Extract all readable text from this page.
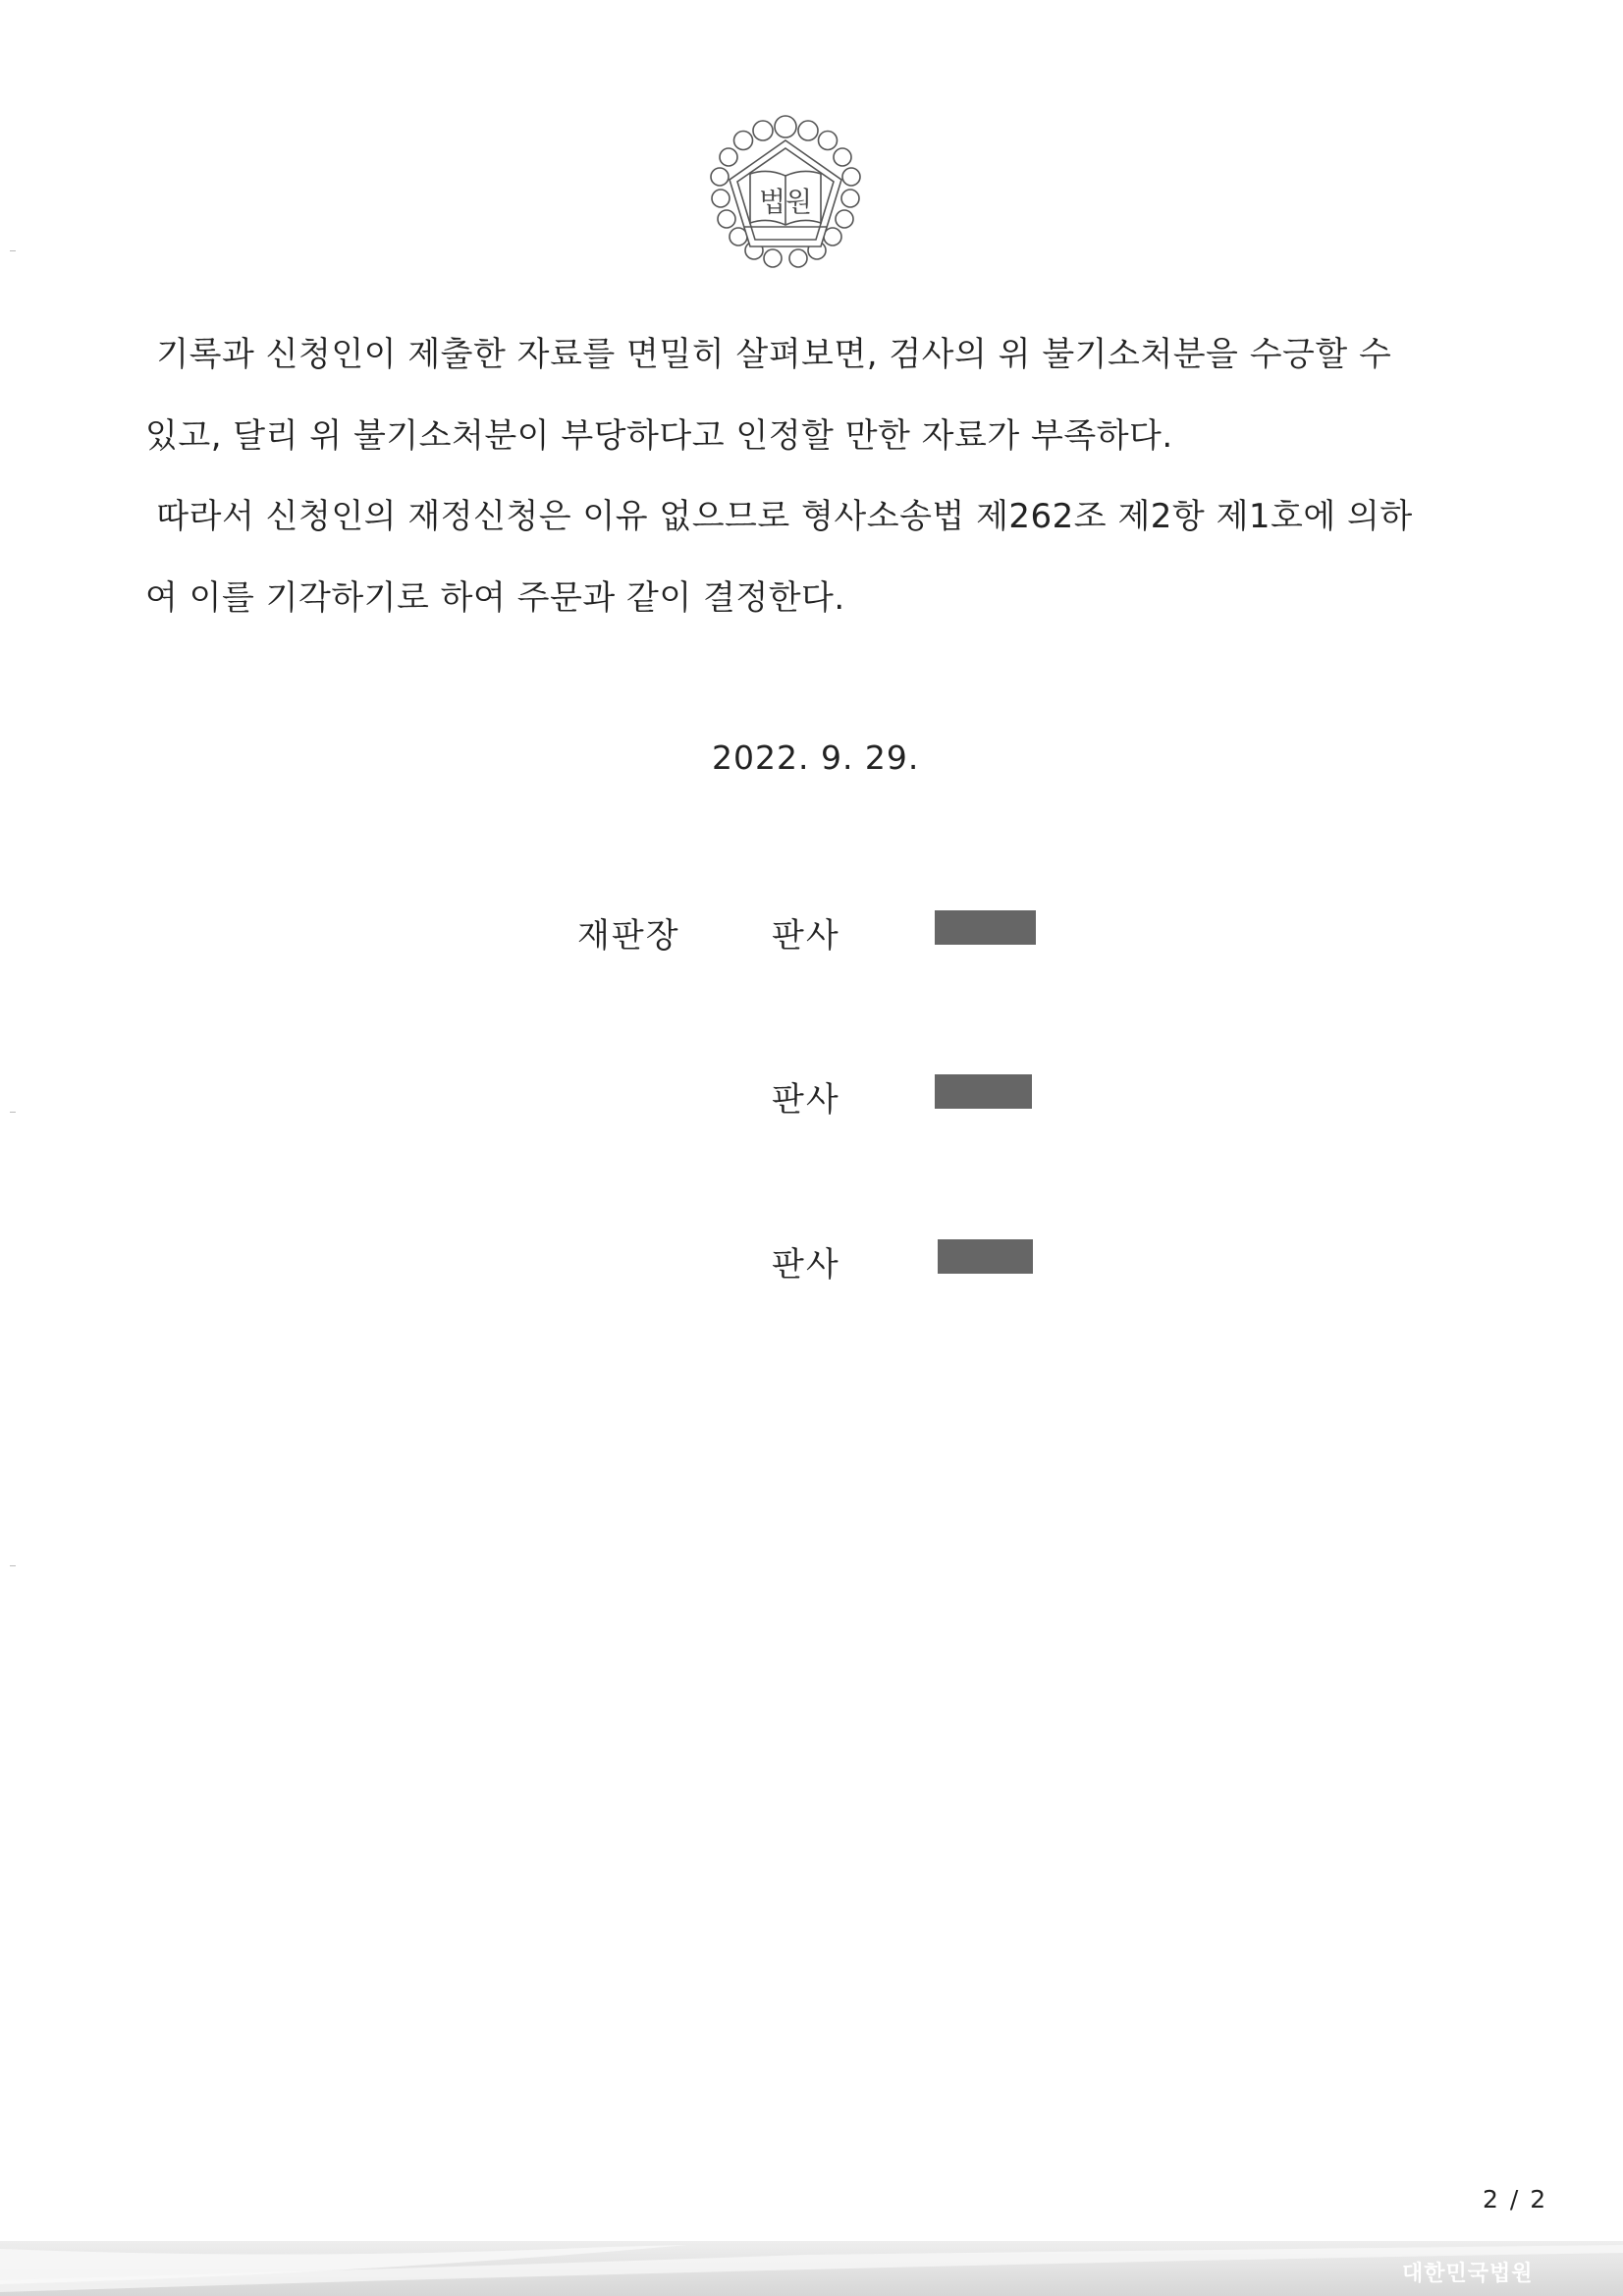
법원
기록과 신청인이 제출한 자료를 면밀히 살펴보면, 검사의 위 불기소처분을 수긍할 수
있고, 달리 위 불기소처분이 부당하다고 인정할 만한 자료가 부족하다.
따라서 신청인의 재정신청은 이유 없으므로 형사소송법 제262조 제2항 제1호에 의하
여 이를 기각하기로 하여 주문과 같이 결정한다.
2022. 9. 29.
재판장	판사
판사
판사
2 / 2
대한민국법원
